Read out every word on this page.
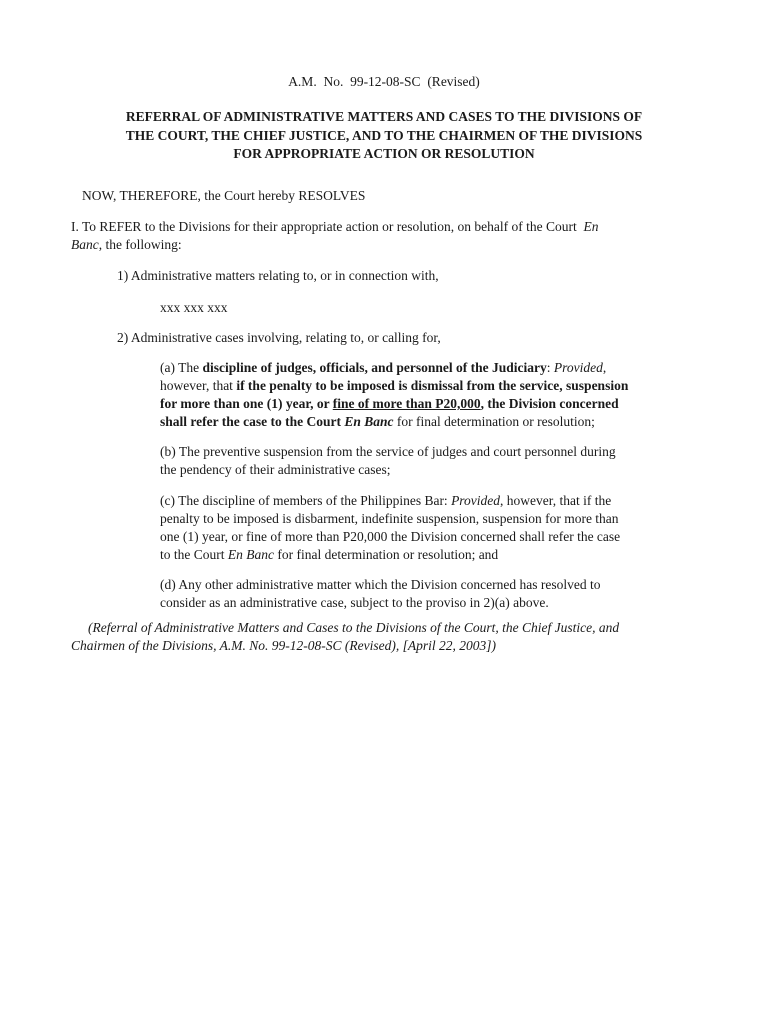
A.M.  No.  99-12-08-SC  (Revised)
REFERRAL OF ADMINISTRATIVE MATTERS AND CASES TO THE DIVISIONS OF
THE COURT, THE CHIEF JUSTICE, AND TO THE CHAIRMEN OF THE DIVISIONS
FOR APPROPRIATE ACTION OR RESOLUTION
NOW, THEREFORE, the Court hereby RESOLVES
I. To REFER to the Divisions for their appropriate action or resolution, on behalf of the Court En
Banc, the following:
1) Administrative matters relating to, or in connection with,
xxx xxx xxx
2) Administrative cases involving, relating to, or calling for,
(a) The discipline of judges, officials, and personnel of the Judiciary: Provided,
however, that if the penalty to be imposed is dismissal from the service, suspension
for more than one (1) year, or fine of more than P20,000, the Division concerned
shall refer the case to the Court En Banc for final determination or resolution;
(b) The preventive suspension from the service of judges and court personnel during
the pendency of their administrative cases;
(c) The discipline of members of the Philippines Bar: Provided, however, that if the
penalty to be imposed is disbarment, indefinite suspension, suspension for more than
one (1) year, or fine of more than P20,000 the Division concerned shall refer the case
to the Court En Banc for final determination or resolution; and
(d) Any other administrative matter which the Division concerned has resolved to
consider as an administrative case, subject to the proviso in 2)(a) above.
(Referral of Administrative Matters and Cases to the Divisions of the Court, the Chief Justice, and
Chairmen of the Divisions, A.M. No. 99-12-08-SC (Revised), [April 22, 2003])
